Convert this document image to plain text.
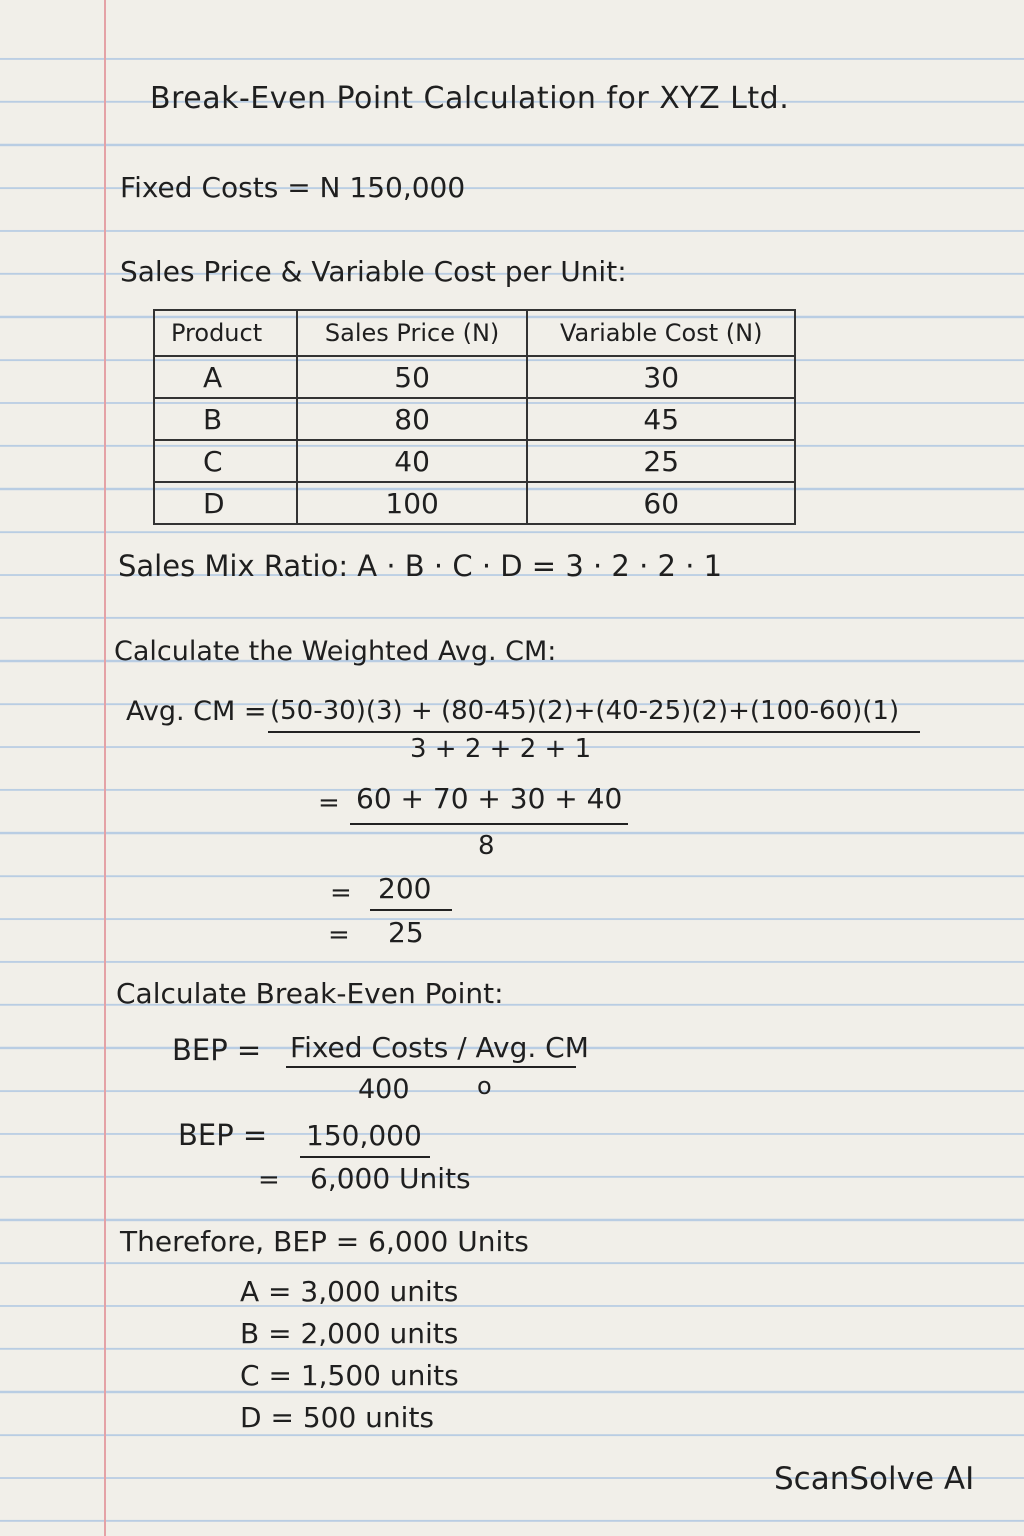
Break-Even Point Calculation for XYZ Ltd.
Fixed Costs = N 150,000
Sales Price & Variable Cost per Unit:
Product	Sales Price (N)	Variable Cost (N)
A	50	30
B	80	45
C	40	25
D	100	60
Sales Mix Ratio: A · B · C · D = 3 · 2 · 2 · 1
Calculate the Weighted Avg. CM:
Avg. CM = (50-30)(3) + (80-45)(2)+(40-25)(2)+(100-60)(1)
3 + 2 + 2 + 1
= 60 + 70 + 30 + 40
8
= 200
= 25
Calculate Break-Even Point:
BEP = Fixed Costs / Avg. CM
400	o
BEP = 150,000
= 6,000 Units
Therefore, BEP = 6,000 Units
A = 3,000 units
B = 2,000 units
C = 1,500 units
D = 500 units
ScanSolve AI
